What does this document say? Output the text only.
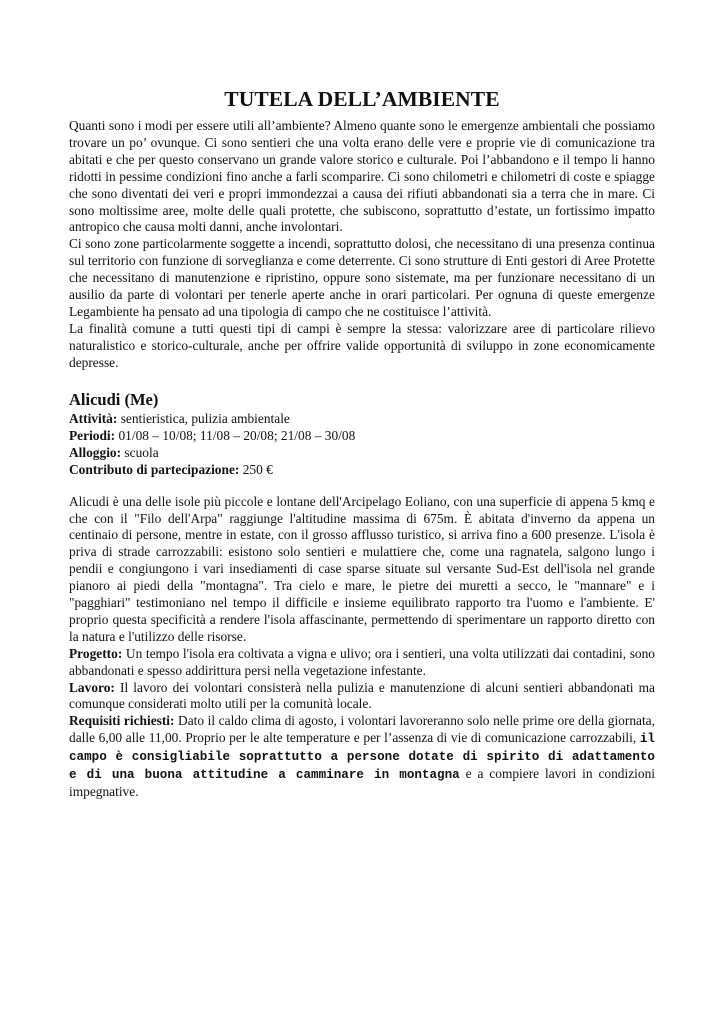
TUTELA DELL’AMBIENTE

Quanti sono i modi per essere utili all’ambiente? Almeno quante sono le emergenze ambientali che possiamo trovare un po’ ovunque. Ci sono sentieri che una volta erano delle vere e proprie vie di comunicazione tra abitati e che per questo conservano un grande valore storico e culturale. Poi l’abbandono e il tempo li hanno ridotti in pessime condizioni fino anche a farli scomparire. Ci sono chilometri e chilometri di coste e spiagge che sono diventati dei veri e propri immondezzai a causa dei rifiuti abbandonati sia a terra che in mare. Ci sono moltissime aree, molte delle quali protette, che subiscono, soprattutto d’estate, un fortissimo impatto antropico che causa molti danni, anche involontari.

Ci sono zone particolarmente soggette a incendi, soprattutto dolosi, che necessitano di una presenza continua sul territorio con funzione di sorveglianza e come deterrente. Ci sono strutture di Enti gestori di Aree Protette che necessitano di manutenzione e ripristino, oppure sono sistemate, ma per funzionare necessitano di un ausilio da parte di volontari per tenerle aperte anche in orari particolari. Per ognuna di queste emergenze Legambiente ha pensato ad una tipologia di campo che ne costituisce l’attività.

La finalità comune a tutti questi tipi di campi è sempre la stessa: valorizzare aree di particolare rilievo naturalistico e storico-culturale, anche per offrire valide opportunità di sviluppo in zone economicamente depresse.

Alicudi (Me)
Attività: sentieristica, pulizia ambientale
Periodi: 01/08 – 10/08; 11/08 – 20/08; 21/08 – 30/08
Alloggio: scuola
Contributo di partecipazione: 250 €

Alicudi è una delle isole più piccole e lontane dell'Arcipelago Eoliano, con una superficie di appena 5 kmq e che con il "Filo dell'Arpa" raggiunge l'altitudine massima di 675m. È abitata d'inverno da appena un centinaio di persone, mentre in estate, con il grosso afflusso turistico, si arriva fino a 600 presenze. L'isola è priva di strade carrozzabili: esistono solo sentieri e mulattiere che, come una ragnatela, salgono lungo i pendii e congiungono i vari insediamenti di case sparse situate sul versante Sud-Est dell'isola nel grande pianoro ai piedi della "montagna". Tra cielo e mare, le pietre dei muretti a secco, le "mannare" e i "pagghiari" testimoniano nel tempo il difficile e insieme equilibrato rapporto tra l'uomo e l'ambiente. E' proprio questa specificità a rendere l'isola affascinante, permettendo di sperimentare un rapporto diretto con la natura e l'utilizzo delle risorse.

Progetto: Un tempo l'isola era coltivata a vigna e ulivo; ora i sentieri, una volta utilizzati dai contadini, sono abbandonati e spesso addirittura persi nella vegetazione infestante.

Lavoro: Il lavoro dei volontari consisterà nella pulizia e manutenzione di alcuni sentieri abbandonati ma comunque considerati molto utili per la comunità locale.

Requisiti richiesti: Dato il caldo clima di agosto, i volontari lavoreranno solo nelle prime ore della giornata, dalle 6,00 alle 11,00. Proprio per le alte temperature e per l’assenza di vie di comunicazione carrozzabili, il campo è consigliabile soprattutto a persone dotate di spirito di adattamento e di una buona attitudine a camminare in montagna e a compiere lavori in condizioni impegnative.
